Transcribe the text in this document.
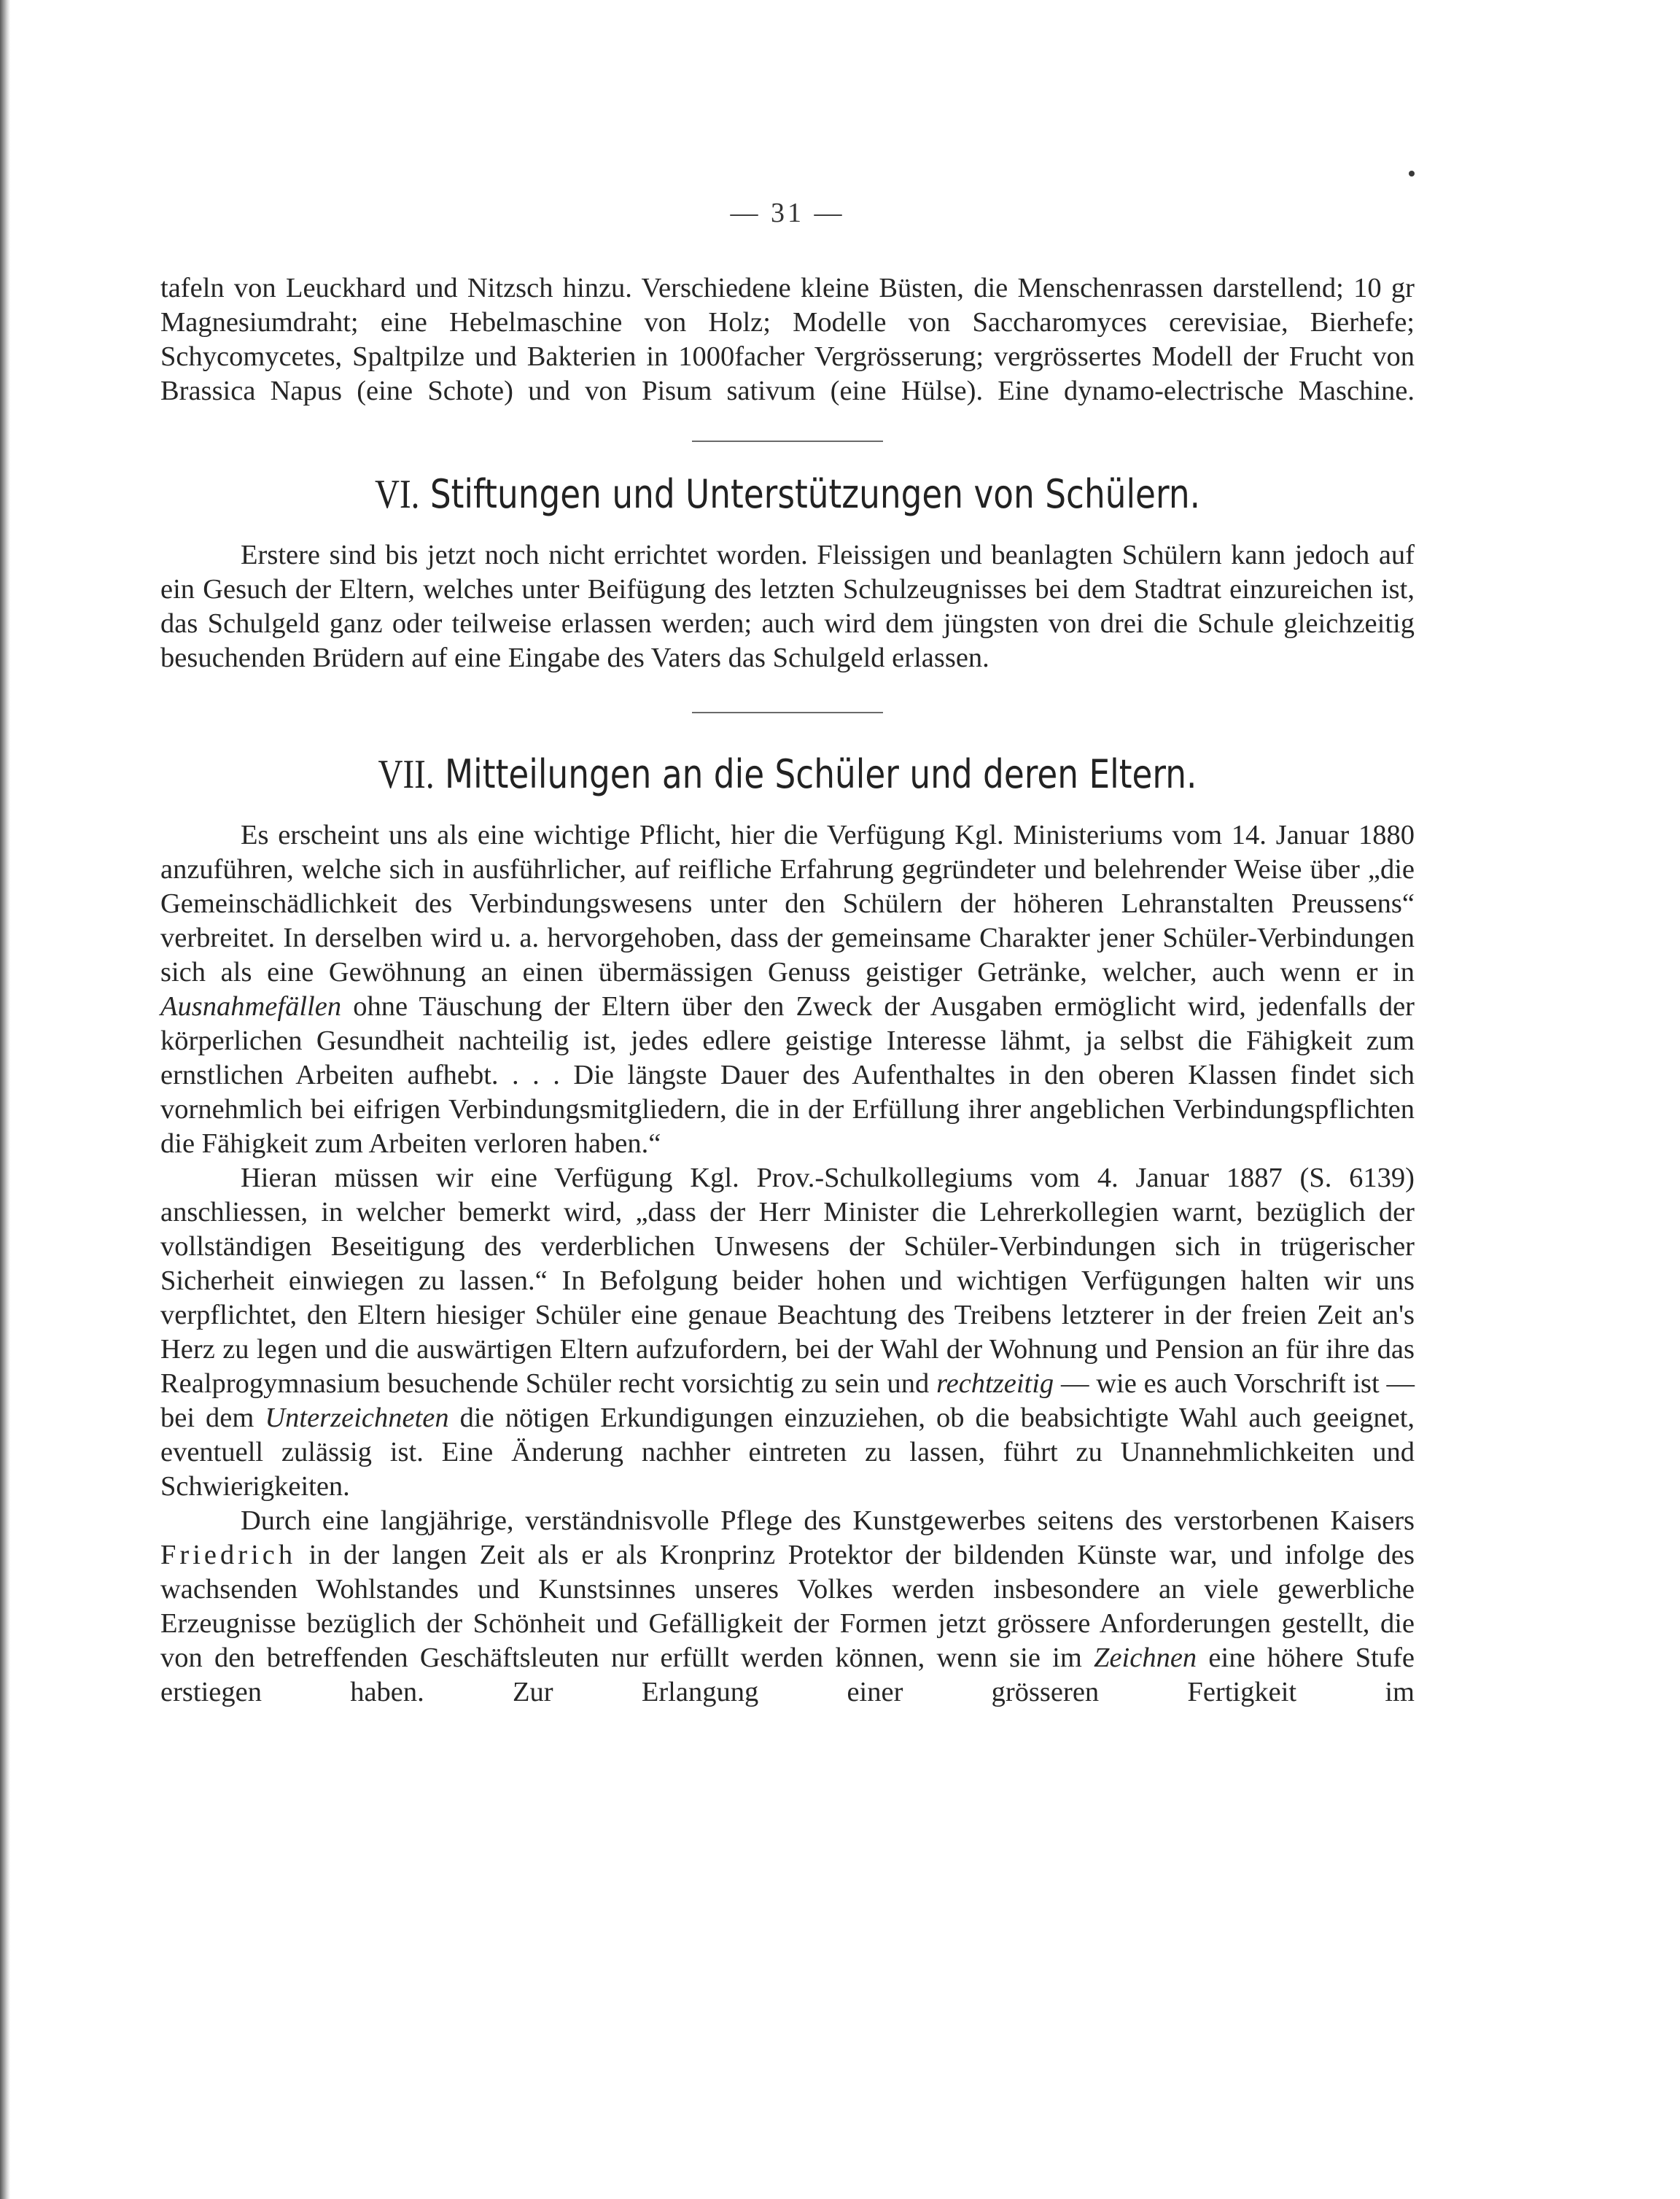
— 31 —

tafeln von Leuckhard und Nitzsch hinzu. Verschiedene kleine Büsten, die Menschenrassen darstellend; 10 gr Magnesiumdraht; eine Hebelmaschine von Holz; Modelle von Saccharomyces cerevisiae, Bierhefe; Schycomycetes, Spaltpilze und Bakterien in 1000facher Vergrösserung; vergrössertes Modell der Frucht von Brassica Napus (eine Schote) und von Pisum sativum (eine Hülse). Eine dynamo-electrische Maschine.

VI. Stiftungen und Unterstützungen von Schülern.

Erstere sind bis jetzt noch nicht errichtet worden. Fleissigen und beanlagten Schülern kann jedoch auf ein Gesuch der Eltern, welches unter Beifügung des letzten Schulzeugnisses bei dem Stadtrat einzureichen ist, das Schulgeld ganz oder teilweise erlassen werden; auch wird dem jüngsten von drei die Schule gleichzeitig besuchenden Brüdern auf eine Eingabe des Vaters das Schulgeld erlassen.

VII. Mitteilungen an die Schüler und deren Eltern.

Es erscheint uns als eine wichtige Pflicht, hier die Verfügung Kgl. Ministeriums vom 14. Januar 1880 anzuführen, welche sich in ausführlicher, auf reifliche Erfahrung gegründeter und belehrender Weise über „die Gemeinschädlichkeit des Verbindungswesens unter den Schülern der höheren Lehranstalten Preussens“ verbreitet. In derselben wird u. a. hervorgehoben, dass der gemeinsame Charakter jener Schüler-Verbindungen sich als eine Gewöhnung an einen übermässigen Genuss geistiger Getränke, welcher, auch wenn er in Ausnahmefällen ohne Täuschung der Eltern über den Zweck der Ausgaben ermöglicht wird, jedenfalls der körperlichen Gesundheit nachteilig ist, jedes edlere geistige Interesse lähmt, ja selbst die Fähigkeit zum ernstlichen Arbeiten aufhebt. . . . Die längste Dauer des Aufenthaltes in den oberen Klassen findet sich vornehmlich bei eifrigen Verbindungsmitgliedern, die in der Erfüllung ihrer angeblichen Verbindungspflichten die Fähigkeit zum Arbeiten verloren haben.“

Hieran müssen wir eine Verfügung Kgl. Prov.-Schulkollegiums vom 4. Januar 1887 (S. 6139) anschliessen, in welcher bemerkt wird, „dass der Herr Minister die Lehrerkollegien warnt, bezüglich der vollständigen Beseitigung des verderblichen Unwesens der Schüler-Verbindungen sich in trügerischer Sicherheit einwiegen zu lassen.“ In Befolgung beider hohen und wichtigen Verfügungen halten wir uns verpflichtet, den Eltern hiesiger Schüler eine genaue Beachtung des Treibens letzterer in der freien Zeit an's Herz zu legen und die auswärtigen Eltern aufzufordern, bei der Wahl der Wohnung und Pension an für ihre das Realprogymnasium besuchende Schüler recht vorsichtig zu sein und rechtzeitig — wie es auch Vorschrift ist — bei dem Unterzeichneten die nötigen Erkundigungen einzuziehen, ob die beabsichtigte Wahl auch geeignet, eventuell zulässig ist. Eine Änderung nachher eintreten zu lassen, führt zu Unannehmlichkeiten und Schwierigkeiten.

Durch eine langjährige, verständnisvolle Pflege des Kunstgewerbes seitens des verstorbenen Kaisers Friedrich in der langen Zeit als er als Kronprinz Protektor der bildenden Künste war, und infolge des wachsenden Wohlstandes und Kunstsinnes unseres Volkes werden insbesondere an viele gewerbliche Erzeugnisse bezüglich der Schönheit und Gefälligkeit der Formen jetzt grössere Anforderungen gestellt, die von den betreffenden Geschäftsleuten nur erfüllt werden können, wenn sie im Zeichnen eine höhere Stufe erstiegen haben. Zur Erlangung einer grösseren Fertigkeit im
